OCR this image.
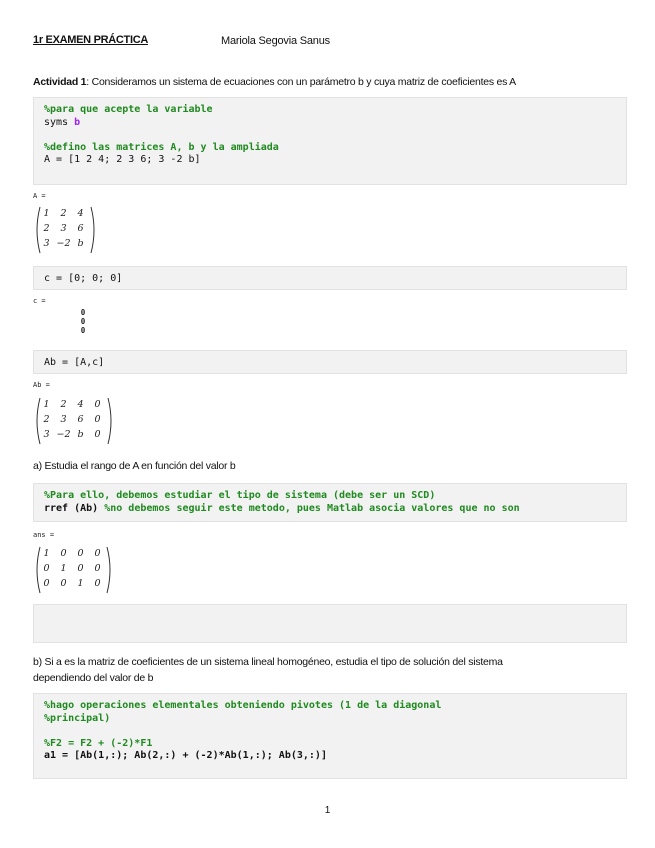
1r EXAMEN PRÁCTICA	Mariola Segovia Sanus
Actividad 1: Consideramos un sistema de ecuaciones con un parámetro b y cuya matriz de coeficientes es A
%para que acepte la variable
syms b
%defino las matrices A, b y la ampliada
A = [1 2 4; 2 3 6; 3 -2 b]
A =
1 2 4
2 3 6
3 −2 b
c = [0; 0; 0]
c =
0
0
0
Ab = [A,c]
Ab =
1 2 4 0
2 3 6 0
3 −2 b 0
a) Estudia el rango de A en función del valor b
%Para ello, debemos estudiar el tipo de sistema (debe ser un SCD)
rref (Ab) %no debemos seguir este metodo, pues Matlab asocia valores que no son
ans =
1 0 0 0
0 1 0 0
0 0 1 0
b) Si a es la matriz de coeficientes de un sistema lineal homogéneo, estudia el tipo de solución del sistema
dependiendo del valor de b
%hago operaciones elementales obteniendo pivotes (1 de la diagonal
%principal)
%F2 = F2 + (-2)*F1
a1 = [Ab(1,:); Ab(2,:) + (-2)*Ab(1,:); Ab(3,:)]
1
